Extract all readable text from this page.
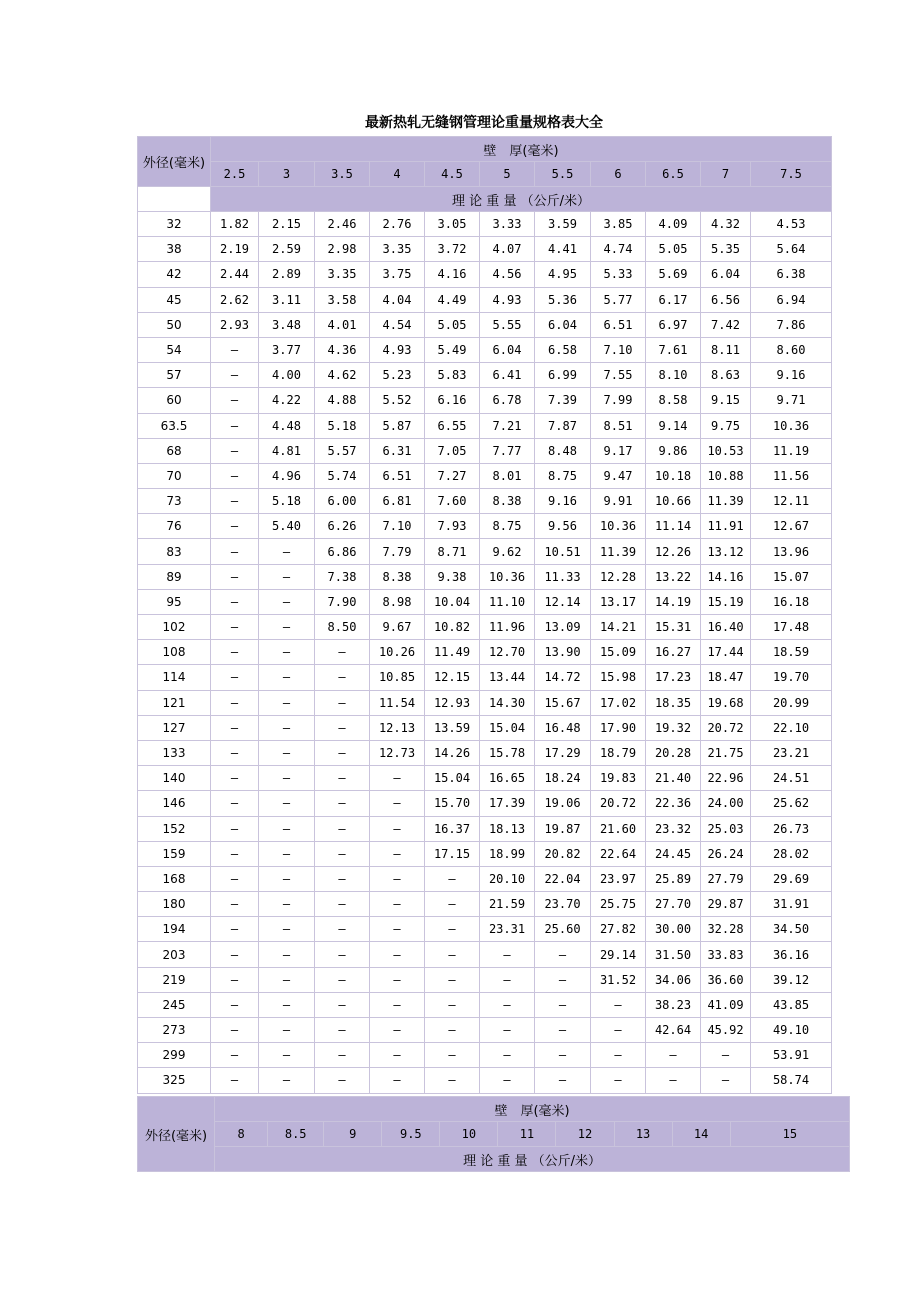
最新热轧无缝钢管理论重量规格表大全
外径(毫米)	壁　厚(毫米)										
	2.5	3	3.5	4	4.5	5	5.5	6	6.5	7	7.5
	理 论 重 量 （公斤/米）										
32	1.82	2.15	2.46	2.76	3.05	3.33	3.59	3.85	4.09	4.32	4.53
38	2.19	2.59	2.98	3.35	3.72	4.07	4.41	4.74	5.05	5.35	5.64
42	2.44	2.89	3.35	3.75	4.16	4.56	4.95	5.33	5.69	6.04	6.38
45	2.62	3.11	3.58	4.04	4.49	4.93	5.36	5.77	6.17	6.56	6.94
50	2.93	3.48	4.01	4.54	5.05	5.55	6.04	6.51	6.97	7.42	7.86
54	–	3.77	4.36	4.93	5.49	6.04	6.58	7.10	7.61	8.11	8.60
57	–	4.00	4.62	5.23	5.83	6.41	6.99	7.55	8.10	8.63	9.16
60	–	4.22	4.88	5.52	6.16	6.78	7.39	7.99	8.58	9.15	9.71
63.5	–	4.48	5.18	5.87	6.55	7.21	7.87	8.51	9.14	9.75	10.36
68	–	4.81	5.57	6.31	7.05	7.77	8.48	9.17	9.86	10.53	11.19
70	–	4.96	5.74	6.51	7.27	8.01	8.75	9.47	10.18	10.88	11.56
73	–	5.18	6.00	6.81	7.60	8.38	9.16	9.91	10.66	11.39	12.11
76	–	5.40	6.26	7.10	7.93	8.75	9.56	10.36	11.14	11.91	12.67
83	–	–	6.86	7.79	8.71	9.62	10.51	11.39	12.26	13.12	13.96
89	–	–	7.38	8.38	9.38	10.36	11.33	12.28	13.22	14.16	15.07
95	–	–	7.90	8.98	10.04	11.10	12.14	13.17	14.19	15.19	16.18
102	–	–	8.50	9.67	10.82	11.96	13.09	14.21	15.31	16.40	17.48
108	–	–	–	10.26	11.49	12.70	13.90	15.09	16.27	17.44	18.59
114	–	–	–	10.85	12.15	13.44	14.72	15.98	17.23	18.47	19.70
121	–	–	–	11.54	12.93	14.30	15.67	17.02	18.35	19.68	20.99
127	–	–	–	12.13	13.59	15.04	16.48	17.90	19.32	20.72	22.10
133	–	–	–	12.73	14.26	15.78	17.29	18.79	20.28	21.75	23.21
140	–	–	–	–	15.04	16.65	18.24	19.83	21.40	22.96	24.51
146	–	–	–	–	15.70	17.39	19.06	20.72	22.36	24.00	25.62
152	–	–	–	–	16.37	18.13	19.87	21.60	23.32	25.03	26.73
159	–	–	–	–	17.15	18.99	20.82	22.64	24.45	26.24	28.02
168	–	–	–	–	–	20.10	22.04	23.97	25.89	27.79	29.69
180	–	–	–	–	–	21.59	23.70	25.75	27.70	29.87	31.91
194	–	–	–	–	–	23.31	25.60	27.82	30.00	32.28	34.50
203	–	–	–	–	–	–	–	29.14	31.50	33.83	36.16
219	–	–	–	–	–	–	–	31.52	34.06	36.60	39.12
245	–	–	–	–	–	–	–	–	38.23	41.09	43.85
273	–	–	–	–	–	–	–	–	42.64	45.92	49.10
299	–	–	–	–	–	–	–	–	–	–	53.91
325	–	–	–	–	–	–	–	–	–	–	58.74
外径(毫米)	壁　厚(毫米)									
	8	8.5	9	9.5	10	11	12	13	14	15
	理 论 重 量 （公斤/米）									
